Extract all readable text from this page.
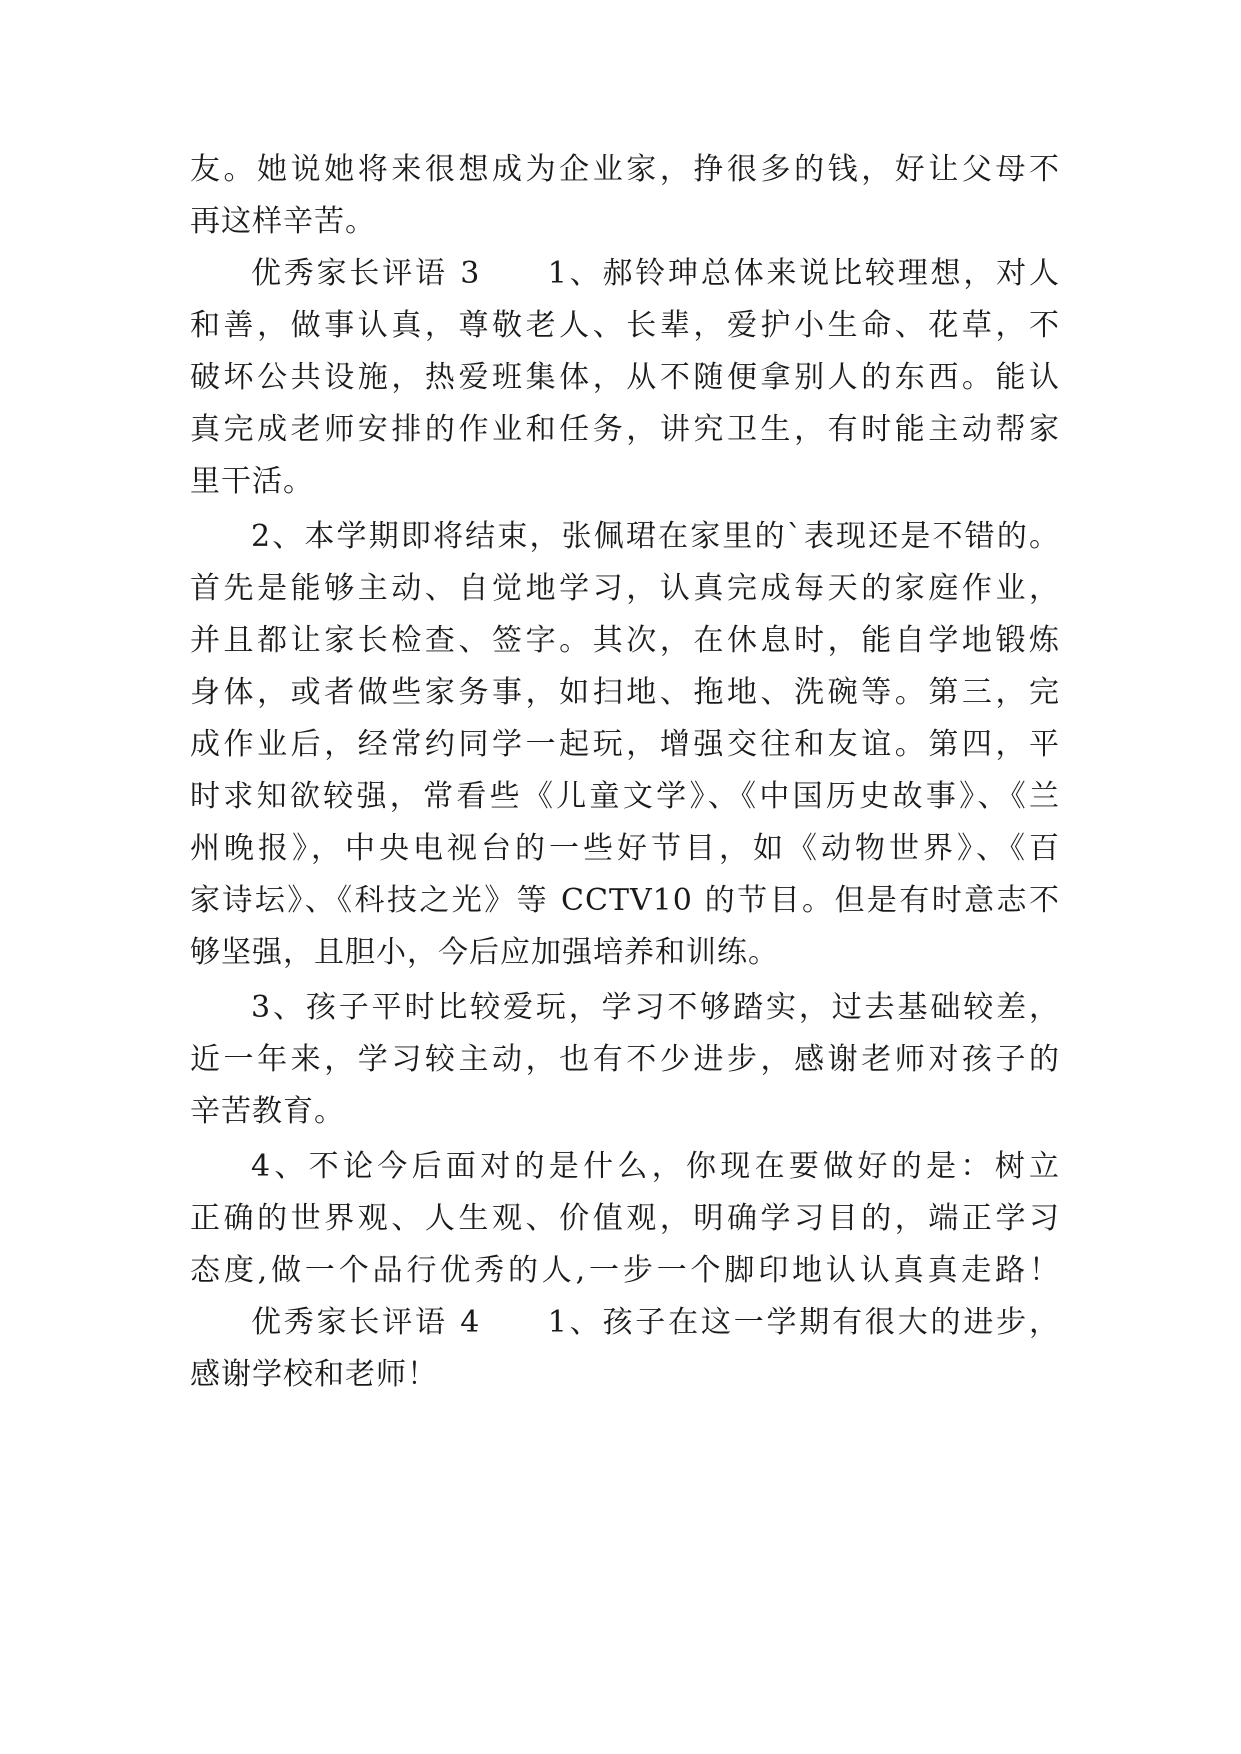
友。她说她将来很想成为企业家，挣很多的钱，好让父母不
再这样辛苦。
优秀家长评语 3　　1、郝铃珅总体来说比较理想，对人
和善，做事认真，尊敬老人、长辈，爱护小生命、花草，不
破坏公共设施，热爱班集体，从不随便拿别人的东西。能认
真完成老师安排的作业和任务，讲究卫生，有时能主动帮家
里干活。
2、本学期即将结束，张佩珺在家里的`表现还是不错的。
首先是能够主动、自觉地学习，认真完成每天的家庭作业，
并且都让家长检查、签字。其次，在休息时，能自学地锻炼
身体，或者做些家务事，如扫地、拖地、洗碗等。第三，完
成作业后，经常约同学一起玩，增强交往和友谊。第四，平
时求知欲较强，常看些《儿童文学》、《中国历史故事》、《兰
州晚报》，中央电视台的一些好节目，如《动物世界》、《百
家诗坛》、《科技之光》等 CCTV10 的节目。但是有时意志不
够坚强，且胆小，今后应加强培养和训练。
3、孩子平时比较爱玩，学习不够踏实，过去基础较差，
近一年来，学习较主动，也有不少进步，感谢老师对孩子的
辛苦教育。
4、不论今后面对的是什么，你现在要做好的是：树立
正确的世界观、人生观、价值观，明确学习目的，端正学习
态度,做一个品行优秀的人,一步一个脚印地认认真真走路！
优秀家长评语 4　　1、孩子在这一学期有很大的进步，
感谢学校和老师！
